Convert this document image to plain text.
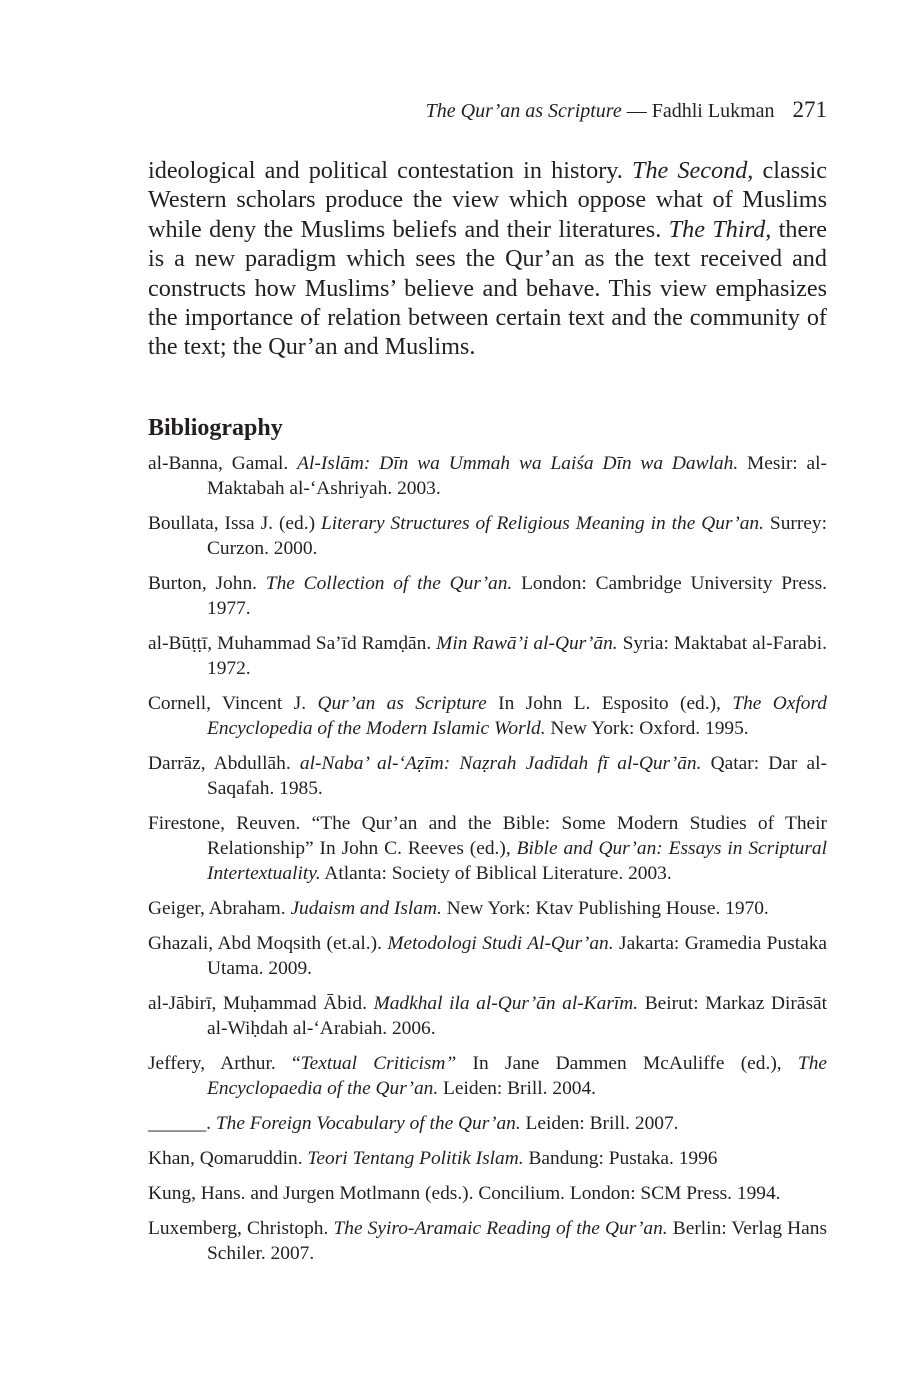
The Qur’an as Scripture — Fadhli Lukman 271

ideological and political contestation in history. The Second, classic Western scholars produce the view which oppose what of Muslims while deny the Muslims beliefs and their literatures. The Third, there is a new paradigm which sees the Qur’an as the text received and constructs how Muslims’ believe and behave. This view emphasizes the importance of relation between certain text and the community of the text; the Qur’an and Muslims.

Bibliography
al-Banna, Gamal. Al-Islām: Dīn wa Ummah wa Laiśa Dīn wa Dawlah. Mesir: al-Maktabah al-‘Ashriyah. 2003.
Boullata, Issa J. (ed.) Literary Structures of Religious Meaning in the Qur’an. Surrey: Curzon. 2000.
Burton, John. The Collection of the Qur’an. London: Cambridge University Press. 1977.
al-Būṭṭī, Muhammad Sa’īd Ramḍān. Min Rawā’i al-Qur’ān. Syria: Maktabat al-Farabi. 1972.
Cornell, Vincent J. Qur’an as Scripture In John L. Esposito (ed.), The Oxford Encyclopedia of the Modern Islamic World. New York: Oxford. 1995.
Darrāz, Abdullāh. al-Naba’ al-‘Aẓīm: Naẓrah Jadīdah fī al-Qur’ān. Qatar: Dar al-Saqafah. 1985.
Firestone, Reuven. “The Qur’an and the Bible: Some Modern Studies of Their Relationship” In John C. Reeves (ed.), Bible and Qur’an: Essays in Scriptural Intertextuality. Atlanta: Society of Biblical Literature. 2003.
Geiger, Abraham. Judaism and Islam. New York: Ktav Publishing House. 1970.
Ghazali, Abd Moqsith (et.al.). Metodologi Studi Al-Qur’an. Jakarta: Gramedia Pustaka Utama. 2009.
al-Jābirī, Muḥammad Ābid. Madkhal ila al-Qur’ān al-Karīm. Beirut: Markaz Dirāsāt al-Wiḥdah al-‘Arabiah. 2006.
Jeffery, Arthur. “Textual Criticism” In Jane Dammen McAuliffe (ed.), The Encyclopaedia of the Qur’an. Leiden: Brill. 2004.
______. The Foreign Vocabulary of the Qur’an. Leiden: Brill. 2007.
Khan, Qomaruddin. Teori Tentang Politik Islam. Bandung: Pustaka. 1996
Kung, Hans. and Jurgen Motlmann (eds.). Concilium. London: SCM Press. 1994.
Luxemberg, Christoph. The Syiro-Aramaic Reading of the Qur’an. Berlin: Verlag Hans Schiler. 2007.
